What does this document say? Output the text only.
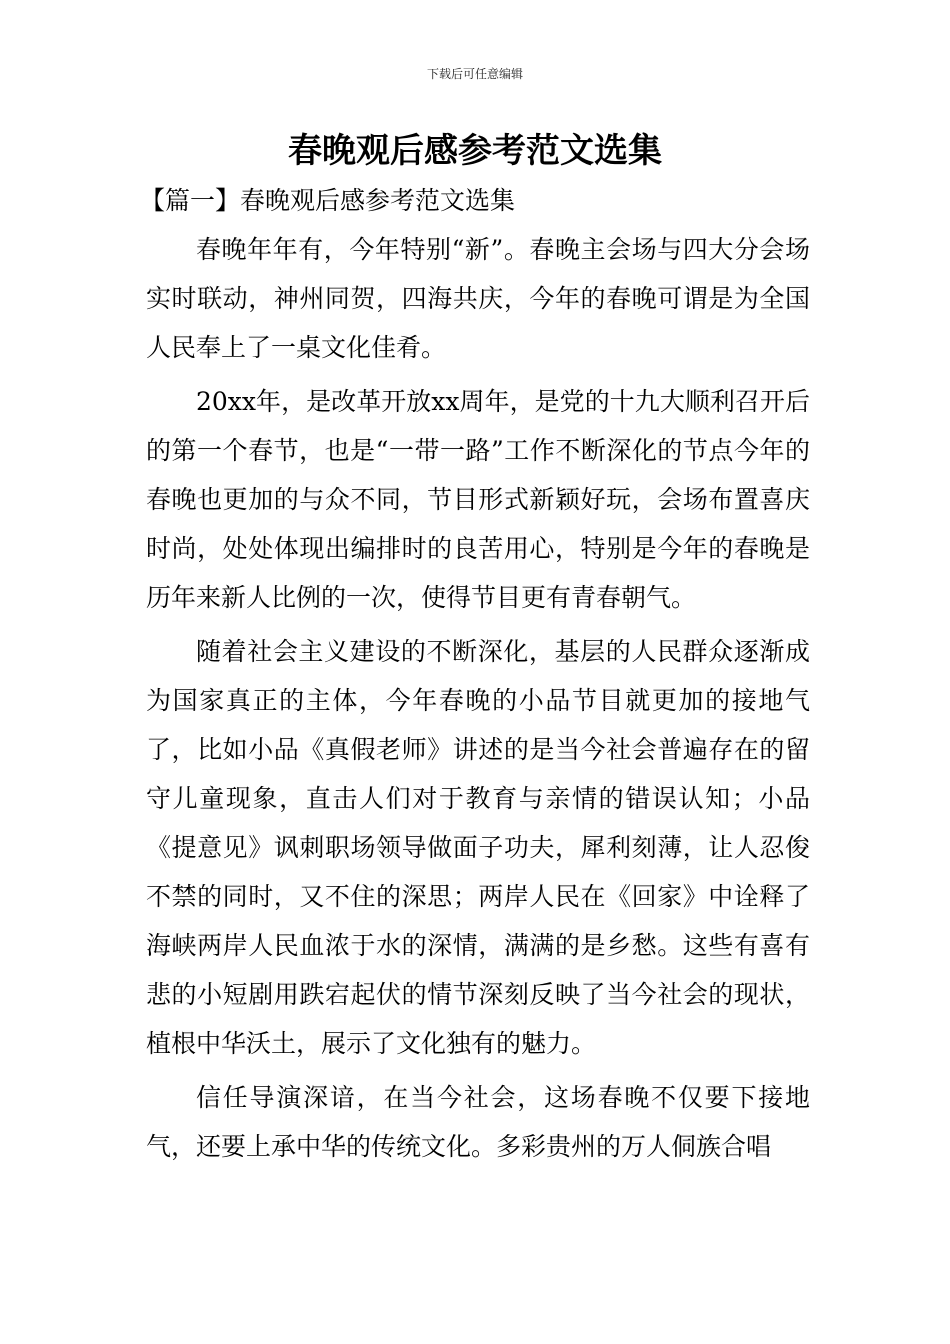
下载后可任意编辑
春晚观后感参考范文选集
【篇一】春晚观后感参考范文选集

春晚年年有，今年特别“新”。春晚主会场与四大分会场实时联动，神州同贺，四海共庆，今年的春晚可谓是为全国人民奉上了一桌文化佳肴。

20xx年，是改革开放xx周年，是党的十九大顺利召开后的第一个春节，也是“一带一路”工作不断深化的节点今年的春晚也更加的与众不同，节目形式新颖好玩，会场布置喜庆时尚，处处体现出编排时的良苦用心，特别是今年的春晚是历年来新人比例的一次，使得节目更有青春朝气。

随着社会主义建设的不断深化，基层的人民群众逐渐成为国家真正的主体，今年春晚的小品节目就更加的接地气了，比如小品《真假老师》讲述的是当今社会普遍存在的留守儿童现象，直击人们对于教育与亲情的错误认知；小品《提意见》讽刺职场领导做面子功夫，犀利刻薄，让人忍俊不禁的同时，又不住的深思；两岸人民在《回家》中诠释了海峡两岸人民血浓于水的深情，满满的是乡愁。这些有喜有悲的小短剧用跌宕起伏的情节深刻反映了当今社会的现状，植根中华沃土，展示了文化独有的魅力。

信任导演深谙，在当今社会，这场春晚不仅要下接地气，还要上承中华的传统文化。多彩贵州的万人侗族合唱
